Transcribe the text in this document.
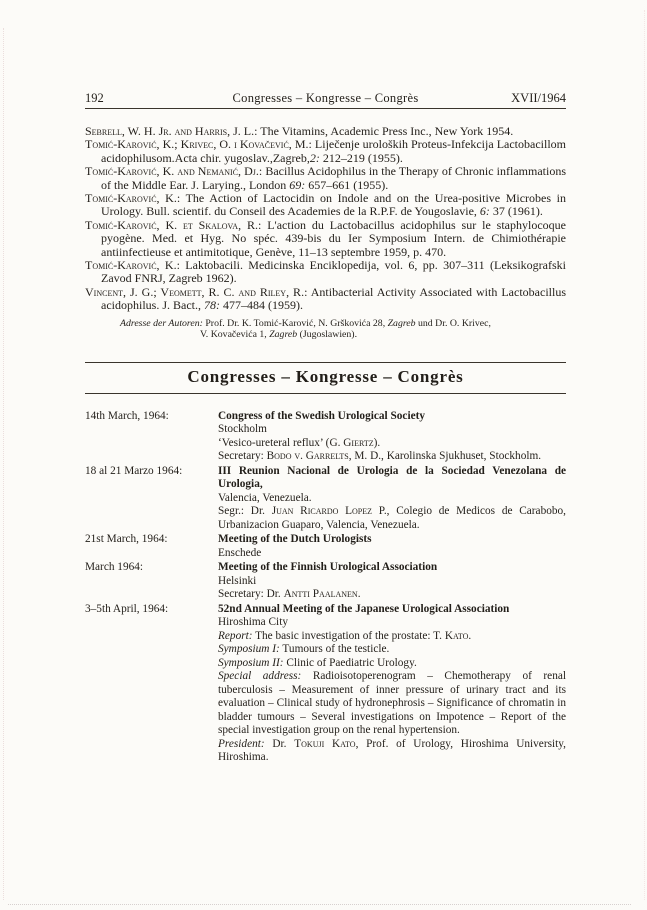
192	Congresses – Kongresse – Congrès	XVII/1964

Sebrell, W. H. Jr. and Harris, J. L.: The Vitamins, Academic Press Inc., New York 1954.

Tomić-Karović, K.; Krivec, O. i Kovačević, M.: Liječenje uroloških Proteus-Infekcija Lactobacillom acidophilusom.Acta chir. yugoslav.,Zagreb,2: 212–219 (1955).

Tomić-Karović, K. and Nemanić, Dj.: Bacillus Acidophilus in the Therapy of Chronic inflammations of the Middle Ear. J. Larying., London 69: 657–661 (1955).

Tomić-Karović, K.: The Action of Lactocidin on Indole and on the Urea-positive Microbes in Urology. Bull. scientif. du Conseil des Academies de la R.P.F. de Yougoslavie, 6: 37 (1961).

Tomić-Karović, K. et Skalova, R.: L'action du Lactobacillus acidophilus sur le staphylocoque pyogène. Med. et Hyg. No spéc. 439-bis du Ier Symposium Intern. de Chimiothérapie antiinfectieuse et antimitotique, Genève, 11–13 septembre 1959, p. 470.

Tomić-Karović, K.: Laktobacili. Medicinska Enciklopedija, vol. 6, pp. 307–311 (Leksikografski Zavod FNRJ, Zagreb 1962).

Vincent, J. G.; Veomett, R. C. and Riley, R.: Antibacterial Activity Associated with Lactobacillus acidophilus. J. Bact., 78: 477–484 (1959).

Adresse der Autoren: Prof. Dr. K. Tomić-Karović, N. Grškovića 28, Zagreb und Dr. O. Krivec,
V. Kovačevića 1, Zagreb (Jugoslawien).
Congresses – Kongresse – Congrès
14th March, 1964:	Congress of the Swedish Urological Society
Stockholm
‘Vesico-ureteral reflux’ (G. Giertz).
Secretary: Bodo v. Garrelts, M. D., Karolinska Sjukhuset, Stockholm.
18 al 21 Marzo 1964:	III Reunion Nacional de Urologia de la Sociedad Venezolana de Urologia,
Valencia, Venezuela.
Segr.: Dr. Juan Ricardo Lopez P., Colegio de Medicos de Carabobo, Urbanizacion Guaparo, Valencia, Venezuela.
21st March, 1964:	Meeting of the Dutch Urologists
Enschede
March 1964:	Meeting of the Finnish Urological Association
Helsinki
Secretary: Dr. Antti Paalanen.
3–5th April, 1964:	52nd Annual Meeting of the Japanese Urological Association
Hiroshima City
Report: The basic investigation of the prostate: T. Kato.
Symposium I: Tumours of the testicle.
Symposium II: Clinic of Paediatric Urology.
Special address: Radioisotoperenogram – Chemotherapy of renal tuberculosis – Measurement of inner pressure of urinary tract and its evaluation – Clinical study of hydronephrosis – Significance of chromatin in bladder tumours – Several investigations on Impotence – Report of the special investigation group on the renal hypertension.
President: Dr. Tokuji Kato, Prof. of Urology, Hiroshima University, Hiroshima.
